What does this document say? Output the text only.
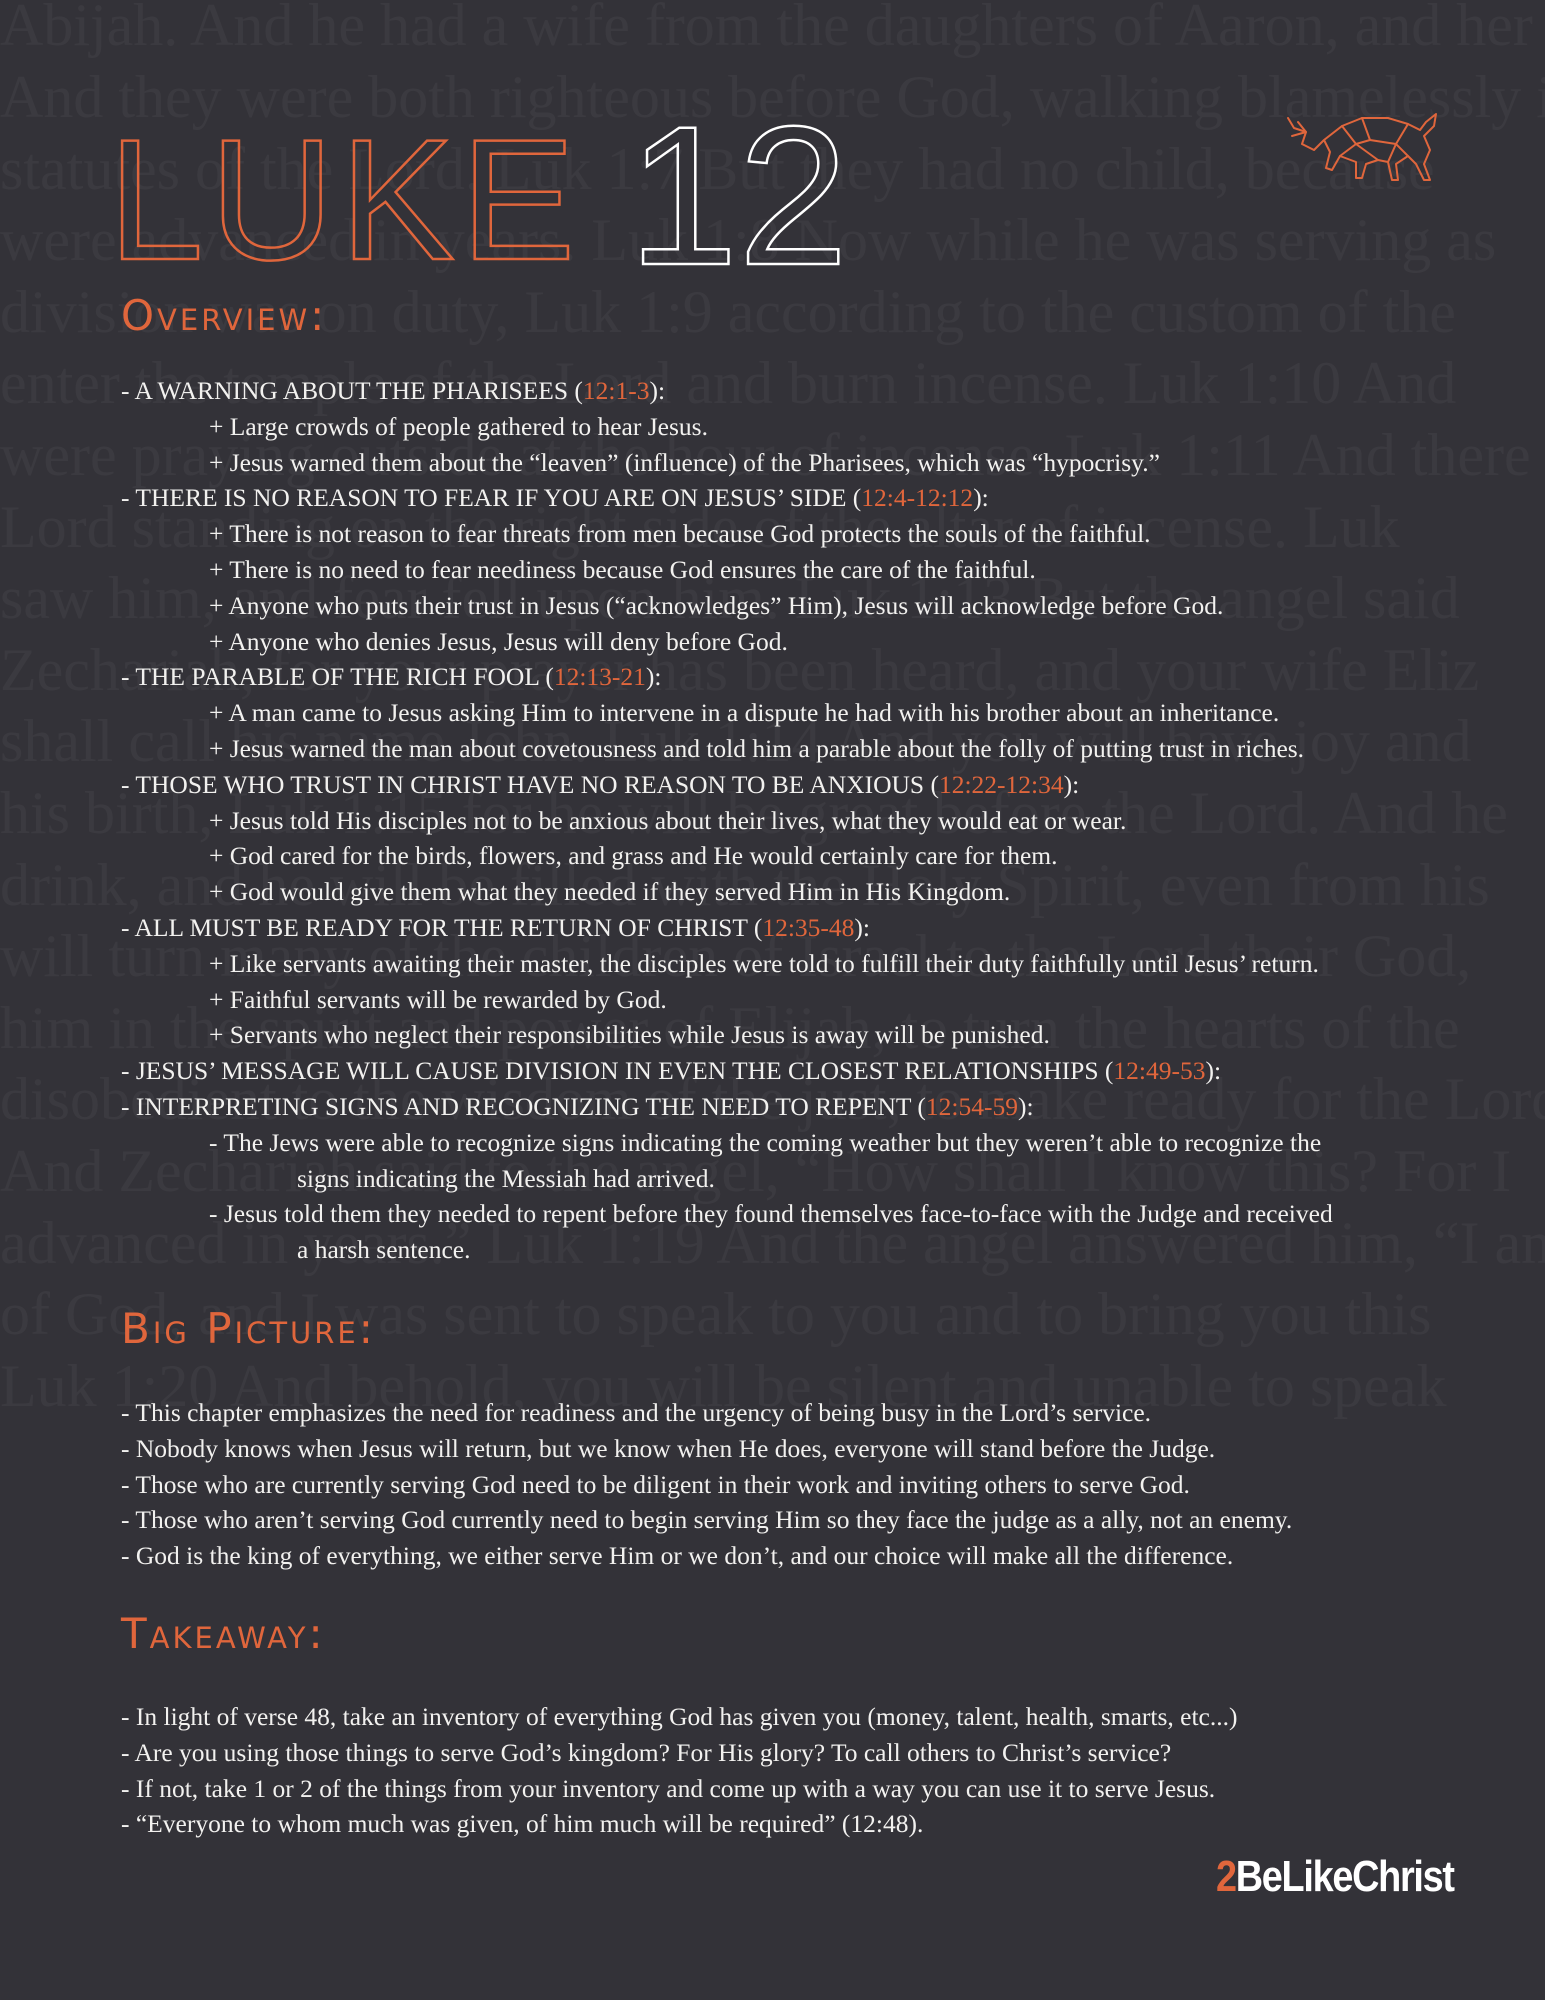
LUKE 12
Overview:
- A WARNING ABOUT THE PHARISEES (12:1-3):
+ Large crowds of people gathered to hear Jesus.
+ Jesus warned them about the “leaven” (influence) of the Pharisees, which was “hypocrisy.”
- THERE IS NO REASON TO FEAR IF YOU ARE ON JESUS’ SIDE (12:4-12:12):
+ There is not reason to fear threats from men because God protects the souls of the faithful.
+ There is no need to fear neediness because God ensures the care of the faithful.
+ Anyone who puts their trust in Jesus (“acknowledges” Him), Jesus will acknowledge before God.
+ Anyone who denies Jesus, Jesus will deny before God.
- THE PARABLE OF THE RICH FOOL (12:13-21):
+ A man came to Jesus asking Him to intervene in a dispute he had with his brother about an inheritance.
+ Jesus warned the man about covetousness and told him a parable about the folly of putting trust in riches.
- THOSE WHO TRUST IN CHRIST HAVE NO REASON TO BE ANXIOUS (12:22-12:34):
+ Jesus told His disciples not to be anxious about their lives, what they would eat or wear.
+ God cared for the birds, flowers, and grass and He would certainly care for them.
+ God would give them what they needed if they served Him in His Kingdom.
- ALL MUST BE READY FOR THE RETURN OF CHRIST (12:35-48):
+ Like servants awaiting their master, the disciples were told to fulfill their duty faithfully until Jesus’ return.
+ Faithful servants will be rewarded by God.
+ Servants who neglect their responsibilities while Jesus is away will be punished.
- JESUS’ MESSAGE WILL CAUSE DIVISION IN EVEN THE CLOSEST RELATIONSHIPS (12:49-53):
- INTERPRETING SIGNS AND RECOGNIZING THE NEED TO REPENT (12:54-59):
- The Jews were able to recognize signs indicating the coming weather but they weren’t able to recognize the
signs indicating the Messiah had arrived.
- Jesus told them they needed to repent before they found themselves face-to-face with the Judge and received
a harsh sentence.
Big Picture:
- This chapter emphasizes the need for readiness and the urgency of being busy in the Lord’s service.
- Nobody knows when Jesus will return, but we know when He does, everyone will stand before the Judge.
- Those who are currently serving God need to be diligent in their work and inviting others to serve God.
- Those who aren’t serving God currently need to begin serving Him so they face the judge as a ally, not an enemy.
- God is the king of everything, we either serve Him or we don’t, and our choice will make all the difference.
Takeaway:
- In light of verse 48, take an inventory of everything God has given you (money, talent, health, smarts, etc...)
- Are you using those things to serve God’s kingdom? For His glory? To call others to Christ’s service?
- If not, take 1 or 2 of the things from your inventory and come up with a way you can use it to serve Jesus.
- “Everyone to whom much was given, of him much will be required” (12:48).
2BeLikeChrist
